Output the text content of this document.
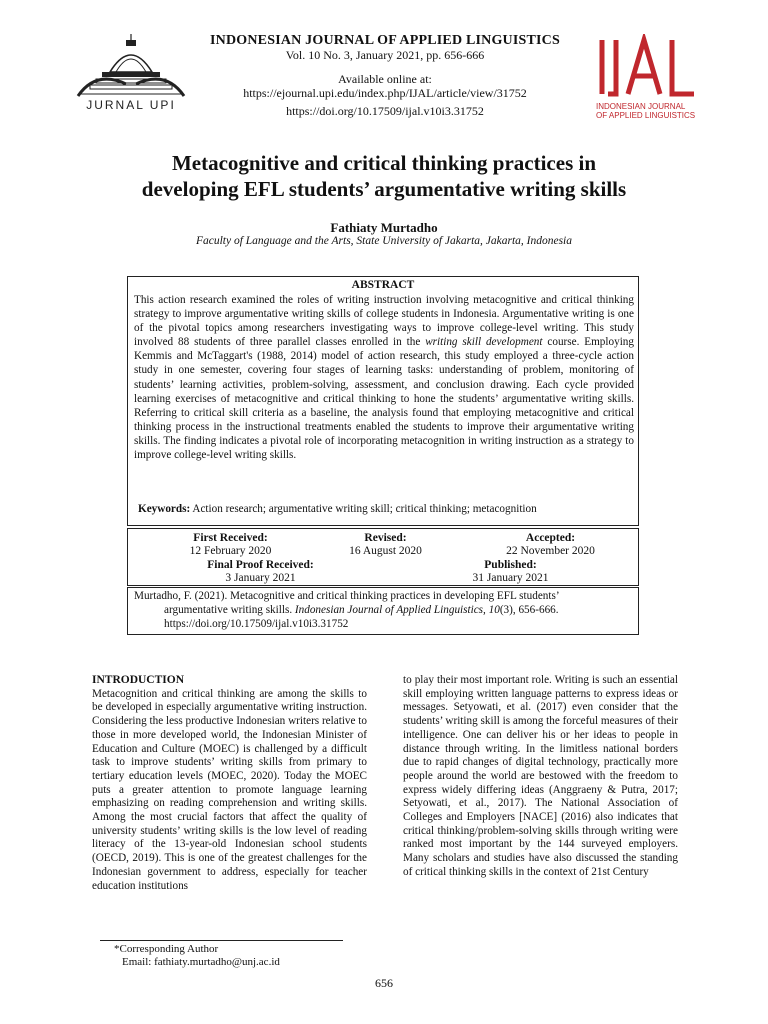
JURNAL UPI
INDONESIAN JOURNAL OF APPLIED LINGUISTICS
Vol. 10 No. 3, January 2021, pp. 656-666
Available online at:
https://ejournal.upi.edu/index.php/IJAL/article/view/31752
https://doi.org/10.17509/ijal.v10i3.31752	INDONESIAN JOURNAL
OF APPLIED LINGUISTICS
Metacognitive and critical thinking practices in
developing EFL students’ argumentative writing skills
Fathiaty Murtadho
Faculty of Language and the Arts, State University of Jakarta, Jakarta, Indonesia
ABSTRACT
This action research examined the roles of writing instruction involving metacognitive and critical thinking strategy to improve argumentative writing skills of college students in Indonesia. Argumentative writing is one of the pivotal topics among researchers investigating ways to improve college-level writing. This study involved 88 students of three parallel classes enrolled in the writing skill development course. Employing Kemmis and McTaggart's (1988, 2014) model of action research, this study employed a three-cycle action study in one semester, covering four stages of learning tasks: understanding of problem, monitoring of students’ learning activities, problem-solving, assessment, and conclusion drawing. Each cycle provided learning exercises of metacognitive and critical thinking to hone the students’ argumentative writing skills. Referring to critical skill criteria as a baseline, the analysis found that employing metacognitive and critical thinking process in the instructional treatments enabled the students to improve their argumentative writing skills. The finding indicates a pivotal role of incorporating metacognition in writing instruction as a strategy to improve college-level writing skills.
Keywords: Action research; argumentative writing skill; critical thinking; metacognition
First Received:
12 February 2020
Revised:
16 August 2020
Accepted:
22 November 2020
Final Proof Received:
3 January 2021
Published:
31 January 2021
Murtadho, F. (2021). Metacognitive and critical thinking practices in developing EFL students’
argumentative writing skills. Indonesian Journal of Applied Linguistics, 10(3), 656-666.
https://doi.org/10.17509/ijal.v10i3.31752
INTRODUCTION
Metacognition and critical thinking are among the skills to be developed in especially argumentative writing instruction. Considering the less productive Indonesian writers relative to those in more developed world, the Indonesian Minister of Education and Culture (MOEC) is challenged by a difficult task to improve students’ writing skills from primary to tertiary education levels (MOEC, 2020). Today the MOEC puts a greater attention to promote language learning emphasizing on reading comprehension and writing skills. Among the most crucial factors that affect the quality of university students’ writing skills is the low level of reading literacy of the 13-year-old Indonesian school students (OECD, 2019). This is one of the greatest challenges for the Indonesian government to address, especially for teacher education institutions
to play their most important role. Writing is such an essential skill employing written language patterns to express ideas or messages. Setyowati, et al. (2017) even consider that the students’ writing skill is among the forceful measures of their intelligence. One can deliver his or her ideas to people in distance through writing. In the limitless national borders due to rapid changes of digital technology, practically more people around the world are bestowed with the freedom to express widely differing ideas (Anggraeny & Putra, 2017; Setyowati, et al., 2017). The National Association of Colleges and Employers [NACE] (2016) also indicates that critical thinking/problem-solving skills through writing were ranked most important by the 144 surveyed employers. Many scholars and studies have also discussed the standing of critical thinking skills in the context of 21st Century
*Corresponding Author
Email: fathiaty.murtadho@unj.ac.id
656
